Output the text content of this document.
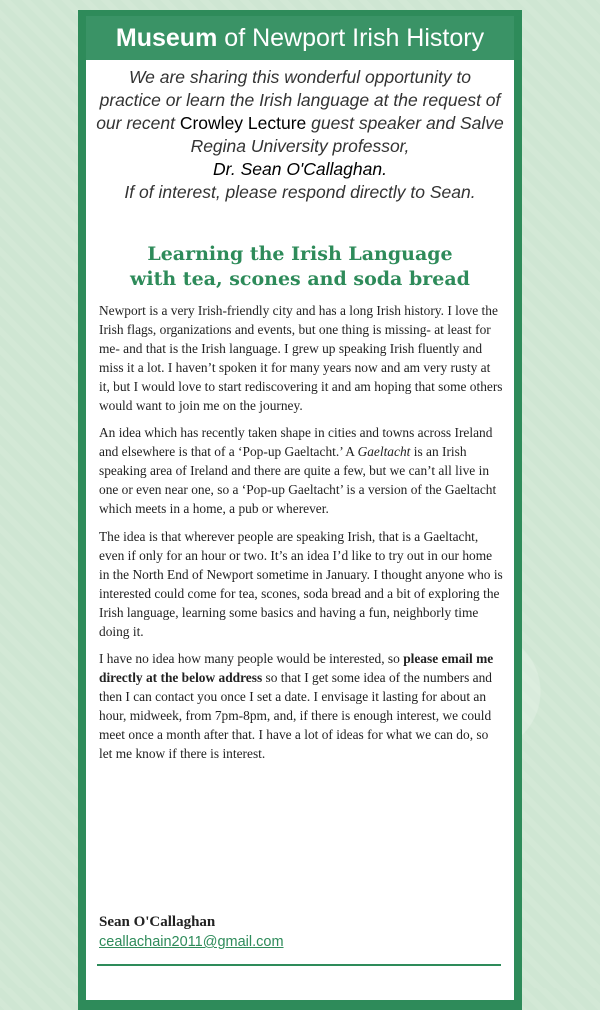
Museum of Newport Irish History
We are sharing this wonderful opportunity to practice or learn the Irish language at the request of our recent Crowley Lecture guest speaker and Salve Regina University professor,
Dr. Sean O'Callaghan.
If of interest, please respond directly to Sean.
Learning the Irish Language
with tea, scones and soda bread

Newport is a very Irish-friendly city and has a long Irish history. I love the Irish flags, organizations and events, but one thing is missing- at least for me- and that is the Irish language. I grew up speaking Irish fluently and miss it a lot. I haven’t spoken it for many years now and am very rusty at it, but I would love to start rediscovering it and am hoping that some others would want to join me on the journey.

An idea which has recently taken shape in cities and towns across Ireland and elsewhere is that of a ‘Pop-up Gaeltacht.’ A Gaeltacht is an Irish speaking area of Ireland and there are quite a few, but we can’t all live in one or even near one, so a ‘Pop-up Gaeltacht’ is a version of the Gaeltacht which meets in a home, a pub or wherever.

The idea is that wherever people are speaking Irish, that is a Gaeltacht, even if only for an hour or two. It’s an idea I’d like to try out in our home in the North End of Newport sometime in January. I thought anyone who is interested could come for tea, scones, soda bread and a bit of exploring the Irish language, learning some basics and having a fun, neighborly time doing it.

I have no idea how many people would be interested, so please email me directly at the below address so that I get some idea of the numbers and then I can contact you once I set a date. I envisage it lasting for about an hour, midweek, from 7pm-8pm, and, if there is enough interest, we could meet once a month after that. I have a lot of ideas for what we can do, so let me know if there is interest.

Sean O'Callaghan
ceallachain2011@gmail.com
